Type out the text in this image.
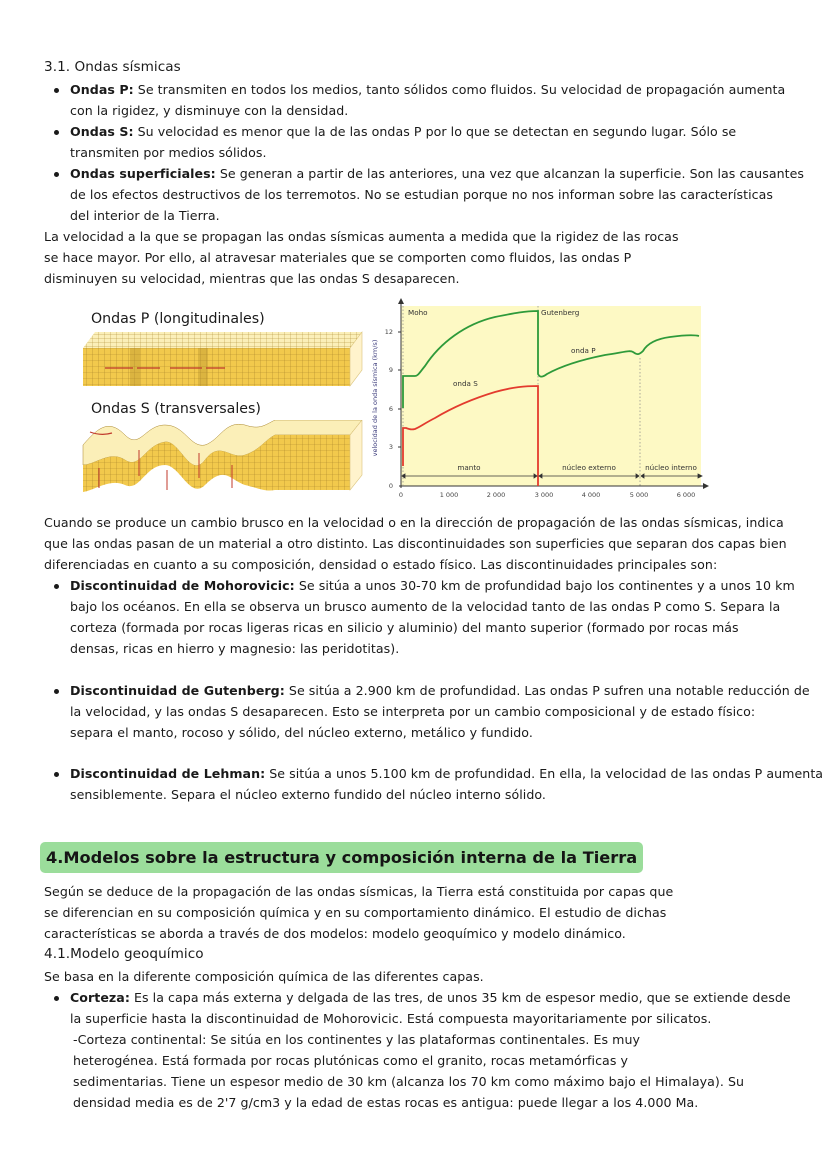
3.1. Ondas sísmicas
Ondas P: Se transmiten en todos los medios, tanto sólidos como fluidos. Su velocidad de propagación aumenta
con la rigidez, y disminuye con la densidad.
Ondas S: Su velocidad es menor que la de las ondas P por lo que se detectan en segundo lugar. Sólo se
transmiten por medios sólidos.
Ondas superficiales: Se generan a partir de las anteriores, una vez que alcanzan la superficie. Son las causantes
de los efectos destructivos de los terremotos. No se estudian porque no nos informan sobre las características
del interior de la Tierra.
La velocidad a la que se propagan las ondas sísmicas aumenta a medida que la rigidez de las rocas
se hace mayor. Por ello, al atravesar materiales que se comporten como fluidos, las ondas P
disminuyen su velocidad, mientras que las ondas S desaparecen.
Ondas P (longitudinales)
Ondas S (transversales)
0
3
6
9
12
0	1 000	2 000	3 000	4 000	5 000	6 000
velocidad de la onda sísmica (km/s)
Moho	Gutenberg
onda P
onda S
manto	núcleo externo	núcleo interno
Cuando se produce un cambio brusco en la velocidad o en la dirección de propagación de las ondas sísmicas, indica
que las ondas pasan de un material a otro distinto. Las discontinuidades son superficies que separan dos capas bien
diferenciadas en cuanto a su composición, densidad o estado físico. Las discontinuidades principales son:
Discontinuidad de Mohorovicic: Se sitúa a unos 30-70 km de profundidad bajo los continentes y a unos 10 km
bajo los océanos. En ella se observa un brusco aumento de la velocidad tanto de las ondas P como S. Separa la
corteza (formada por rocas ligeras ricas en silicio y aluminio) del manto superior (formado por rocas más
densas, ricas en hierro y magnesio: las peridotitas).
Discontinuidad de Gutenberg: Se sitúa a 2.900 km de profundidad. Las ondas P sufren una notable reducción de
la velocidad, y las ondas S desaparecen. Esto se interpreta por un cambio composicional y de estado físico:
separa el manto, rocoso y sólido, del núcleo externo, metálico y fundido.
Discontinuidad de Lehman: Se sitúa a unos 5.100 km de profundidad. En ella, la velocidad de las ondas P aumenta
sensiblemente. Separa el núcleo externo fundido del núcleo interno sólido.
4.Modelos sobre la estructura y composición interna de la Tierra
Según se deduce de la propagación de las ondas sísmicas, la Tierra está constituida por capas que
se diferencian en su composición química y en su comportamiento dinámico. El estudio de dichas
características se aborda a través de dos modelos: modelo geoquímico y modelo dinámico.
4.1.Modelo geoquímico
Se basa en la diferente composición química de las diferentes capas.
Corteza: Es la capa más externa y delgada de las tres, de unos 35 km de espesor medio, que se extiende desde
la superficie hasta la discontinuidad de Mohorovicic. Está compuesta mayoritariamente por silicatos.
-Corteza continental: Se sitúa en los continentes y las plataformas continentales. Es muy
heterogénea. Está formada por rocas plutónicas como el granito, rocas metamórficas y
sedimentarias. Tiene un espesor medio de 30 km (alcanza los 70 km como máximo bajo el Himalaya). Su
densidad media es de 2'7 g/cm3 y la edad de estas rocas es antigua: puede llegar a los 4.000 Ma.
